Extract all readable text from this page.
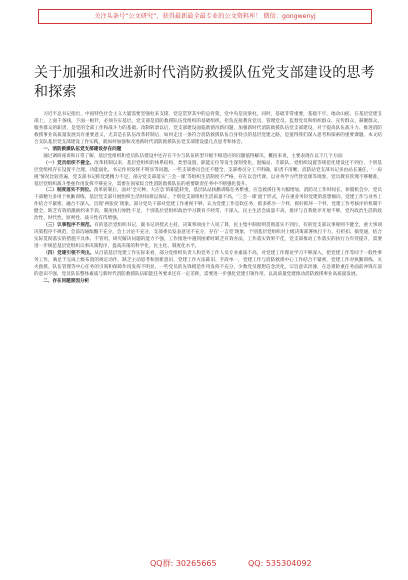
关注头条号“公文研究”，获得最新最全最专业的公文资料库！ 微信：gongwenyj
关于加强和改进新时代消防救援队伍党支部建设的思考和探索

习近平总书记指出，中国特色社会主义大厦需要坚强柱来支撑，党是贯穿其中的总骨架，党中央是顶梁柱。同时，基础非常重要，基础不牢，地动山摇。在基层党建支部上，上面千条线，下面一根针，必须夯实基层。党支部是消防救援队伍党组织的基础组织，担负直接教育党员、管理党员、监督党员和组织群众、宣传群众、凝聚群众、服务群众的职责，是党的全部工作和战斗力的基础。改制转隶以后，党支部建设面临新情况新问题，加强新时代消防救援队伍党支部建设，对于提高队伍战斗力、推进消防救援事业高质量发展具有重要意义，尤其是在队伍改革转制后，如何走出一条符合消防救援队伍自身特点的基层党建之路，是值得我们深入思考和探索的重要课题。本文结合支队基层党支部建设工作实践，就如何加强和改进新时代消防救援队伍党支部建设提几点思考和体会。

一、消防救援队伍党支部建设存在问题

通过调研座谈和日常了解，基层党组织和党员队伍建设中还存在不少与队伍转型升级不相适应的问题值得解决，概括来说，主要表现在以下几个方面：

（一）党员组织不健全。改革转制以来，基层党组织的体系结构、类型设置、职能定位等发生深刻变化，混编站、专职队、党组织设置等规范化建设还不到位，个别基层党组织存在设置不合理、功能弱化、书记作用发挥不明显等问题，一些支部委员会还不健全，支部委员分工不明确，职责不清晰，消防站党支部书记多由站长兼任，‘一肩挑’情况比较普遍，党支部书记抓党建精力不足，部分党支部落实‘三会一课’等组织生活制度不严格，存在以会代课、以业务学习代替党课等现象，党员教育管理不够精准，基层党组织战斗堡垒作用发挥不够充分，需要在国家综合性消防救援队伍的重要职责任务中不断强化提升。

（二）制度落实不到位。改革转制后，面对‘全灾种、大应急’的职能转变，基层队站执勤训练任务繁重，应急救援任务大幅增加，消防员工作时间长，休假机会少，党员干部精力多用于执勤训练，基层党支部开展组织生活时间难以保证，个别党支部组织生活质量不高，‘三会一课’流于形式，存在重业务轻党建的思想倾向，党建工作与业务工作结合不紧密，融合不深入，出现‘两张皮’现象。部分党员干部对党建工作重视不够，认为党建工作是软任务，抓多抓少一个样，抓好抓坏一个样，党建工作考核评价机制不健全，缺乏有效的激励约束手段，制度执行刚性不足，个别基层党组织政治学习教育不经常、不深入，民主生活会质量不高，批评与自我批评开展不够，党内政治生活的政治性、时代性、原则性、战斗性有待增强。

（三）议事程序不规范。有的基层党组织书记、副书记讲授式主持，决策事项由个人说了算，民主集中制原则贯彻落实不到位，有的党支部议事规则不健全，重大事项决策程序不规范，会前沟通酝酿不充分，会上讨论不充分，支部委员发表意见不充分，存在‘一言堂’现象，个别基层党组织对上级决策部署执行不力，打折扣、搞变通，结合实际贯彻落实的措施不具体、不管用，研究解决问题的能力不强，工作推进中遇到困难时缺乏有效办法，工作落实效果不佳，党支部推动工作落实的执行力有待提升，需要进一步规范基层党组织议事决策程序，提高决策的科学化、民主化、制度化水平。

（四）党建引领不突出。从目前基层党建工作实际来看，部分党组织负责人和党务工作人员专业素质不高，对党建工作理论学习不够深入，把党建工作等同于一般性事务工作，满足于完成上级布置的规定动作，缺乏主动思考和创新意识，党建工作方法陈旧、手段单一，党建工作与消防救援中心工作结合不紧密，党建工作对执勤训练、灭火救援、队伍管理等中心任务的引领和保障作用发挥不明显，一些党员的先锋模范作用发挥不充分，少数党员理想信念淡化，宗旨意识淡薄，在急难险重任务面前冲锋在前的意识不强，党员队伍整体素质与新时代消防救援队伍职能任务要求还有一定差距，需要进一步强化党建引领作用，以高质量党建推动消防救援事业高质量发展。

二、存在问题原因分析

QQ群: 30265665	QQ: 535304092
